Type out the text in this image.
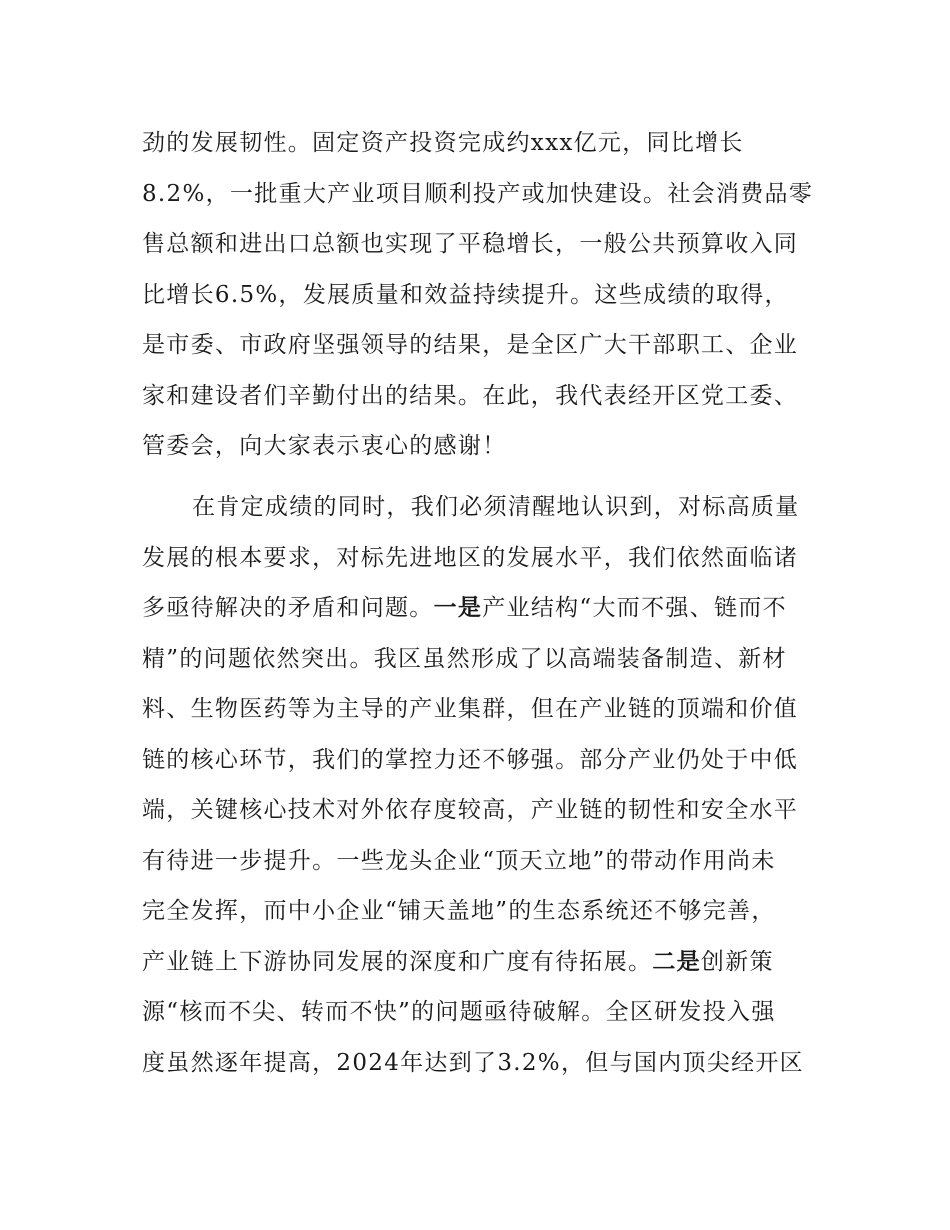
劲的发展韧性。固定资产投资完成约xxx亿元，同比增长
8.2%，一批重大产业项目顺利投产或加快建设。社会消费品零
售总额和进出口总额也实现了平稳增长，一般公共预算收入同
比增长6.5%，发展质量和效益持续提升。这些成绩的取得，
是市委、市政府坚强领导的结果，是全区广大干部职工、企业
家和建设者们辛勤付出的结果。在此，我代表经开区党工委、
管委会，向大家表示衷心的感谢！
在肯定成绩的同时，我们必须清醒地认识到，对标高质量
发展的根本要求，对标先进地区的发展水平，我们依然面临诸
多亟待解决的矛盾和问题。一是产业结构“大而不强、链而不
精”的问题依然突出。我区虽然形成了以高端装备制造、新材
料、生物医药等为主导的产业集群，但在产业链的顶端和价值
链的核心环节，我们的掌控力还不够强。部分产业仍处于中低
端，关键核心技术对外依存度较高，产业链的韧性和安全水平
有待进一步提升。一些龙头企业“顶天立地”的带动作用尚未
完全发挥，而中小企业“铺天盖地”的生态系统还不够完善，
产业链上下游协同发展的深度和广度有待拓展。二是创新策
源“核而不尖、转而不快”的问题亟待破解。全区研发投入强
度虽然逐年提高，2024年达到了3.2%，但与国内顶尖经开区
